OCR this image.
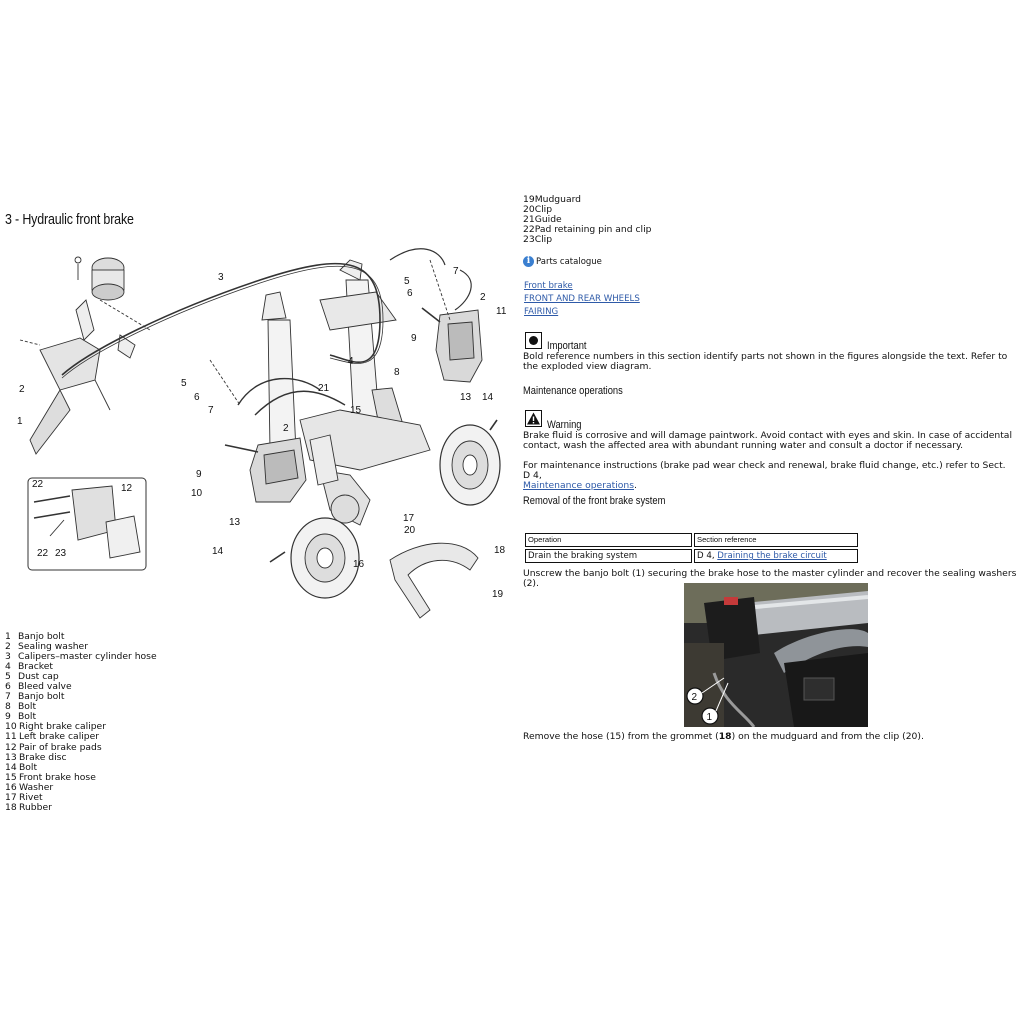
3 - Hydraulic front brake
1
2
2
2
3
4
5
5
6
6
7
7
8
9
9
10
11
12
13
13
14
14
15
16
17
18
19
20
21
22
22 23
1 Banjo bolt
2 Sealing washer
3 Calipers–master cylinder hose
4 Bracket
5 Dust cap
6 Bleed valve
7 Banjo bolt
8 Bolt
9 Bolt
10 Right brake caliper
11 Left brake caliper
12 Pair of brake pads
13 Brake disc
14 Bolt
15 Front brake hose
16 Washer
17 Rivet
18 Rubber
19Mudguard
20Clip
21Guide
22Pad retaining pin and clip
23Clip
i Parts catalogue
Front brake
FRONT AND REAR WHEELS
FAIRING
Important
Bold reference numbers in this section identify parts not shown in the figures alongside the text. Refer to the exploded view diagram.
Maintenance operations
Warning
Brake fluid is corrosive and will damage paintwork. Avoid contact with eyes and skin. In case of accidental contact, wash the affected area with abundant running water and consult a doctor if necessary.
For maintenance instructions (brake pad wear check and renewal, brake fluid change, etc.) refer to Sect. D 4,
Maintenance operations.
Removal of the front brake system
Operation	Section reference
Drain the braking system	D 4, Draining the brake circuit
Unscrew the banjo bolt (1) securing the brake hose to the master cylinder and recover the sealing washers (2).
2
1
Remove the hose (15) from the grommet (18) on the mudguard and from the clip (20).
